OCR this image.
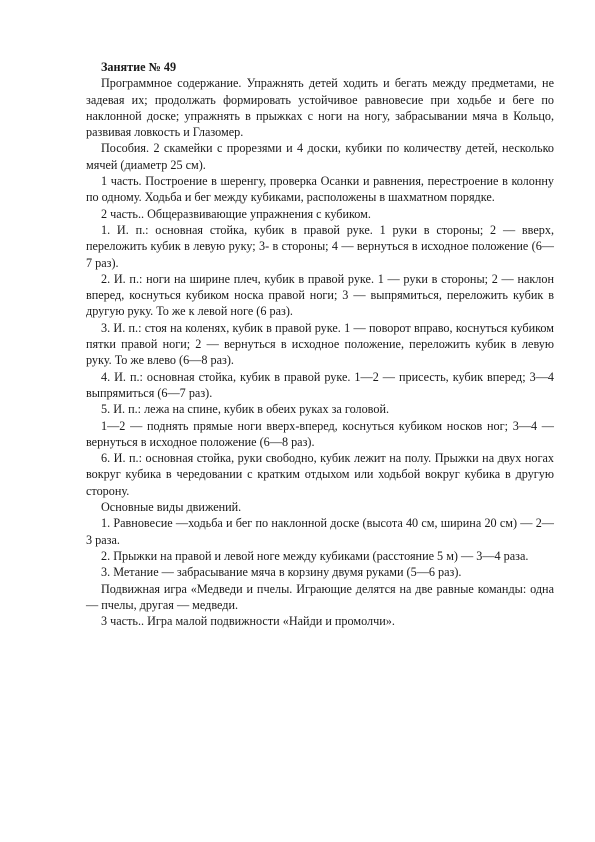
Занятие № 49

Программное содержание. Упражнять детей ходить и бегать между предметами, не задевая их; продолжать формировать устойчивое равновесие при ходьбе и беге по наклонной доске; упражнять в прыжках с ноги на ногу, забрасывании мяча в Кольцо, развивая ловкость и Глазомер.

Пособия. 2 скамейки с прорезями и 4 доски, кубики по количеству детей, несколько мячей (диаметр 25 см).

1 часть. Построение в шеренгу, проверка Осанки и равнения, перестроение в колонну по одному. Ходьба и бег между кубиками, расположены в шахматном порядке.

2 часть.. Общеразвивающие упражнения с кубиком.

1. И. п.: основная стойка, кубик в правой руке. 1 руки в стороны; 2 — вверх, переложить кубик в левую руку; 3- в стороны; 4 — вернуться в исходное положение (6—7 раз).

2. И. п.: ноги на ширине плеч, кубик в правой руке. 1 — руки в стороны; 2 — наклон вперед, коснуться кубиком носка правой ноги; 3 — выпрямиться, переложить кубик в другую руку. То же к левой ноге (6 раз).

3. И. п.: стоя на коленях, кубик в правой руке. 1 — поворот вправо, коснуться кубиком пятки правой ноги; 2 — вернуться в исходное положение, переложить кубик в левую руку. То же влево (6—8 раз).

4. И. п.: основная стойка, кубик в правой руке. 1—2 — присесть, кубик вперед; 3—4 выпрямиться (6—7 раз).

5. И. п.: лежа на спине, кубик в обеих руках за головой.

1—2 — поднять прямые ноги вверх-вперед, коснуться кубиком носков ног; 3—4 — вернуться в исходное положение (6—8 раз).

6. И. п.: основная стойка, руки свободно, кубик лежит на полу. Прыжки на двух ногах вокруг кубика в чередовании с кратким отдыхом или ходьбой вокруг кубика в другую сторону.

Основные виды движений.

1. Равновесие —ходьба и бег по наклонной доске (высота 40 см, ширина 20 см) — 2—3 раза.

2. Прыжки на правой и левой ноге между кубиками (расстояние 5 м) — 3—4 раза.

3. Метание — забрасывание мяча в корзину двумя руками (5—6 раз).

Подвижная игра «Медведи и пчелы. Играющие делятся на две равные команды: одна — пчелы, другая — медведи.

3 часть.. Игра малой подвижности «Найди и промолчи».
